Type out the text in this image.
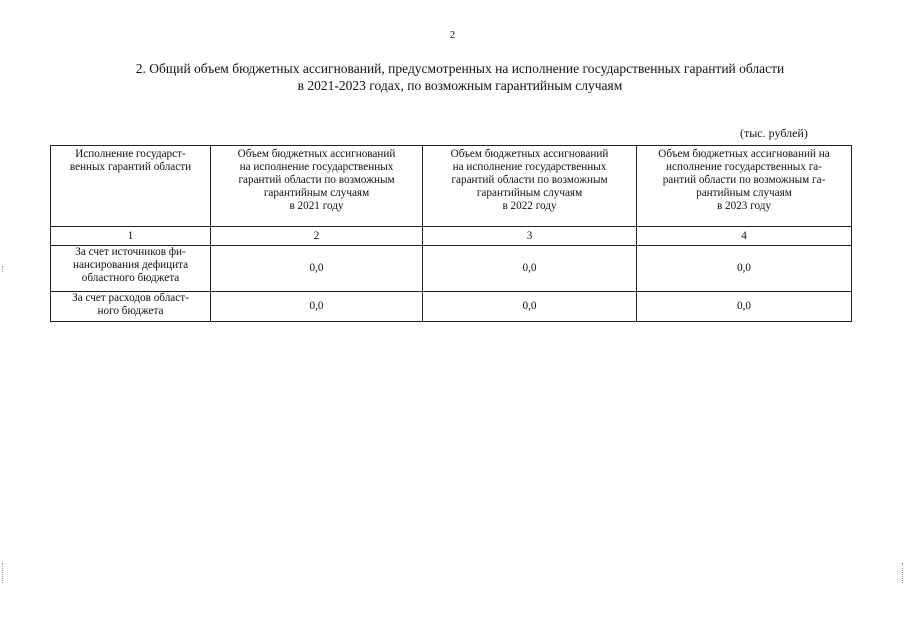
2
2. Общий объем бюджетных ассигнований, предусмотренных на исполнение государственных гарантий области
в 2021-2023 годах, по возможным гарантийным случаям
(тыс. рублей)
Исполнение государст-
венных гарантий области	Объем бюджетных ассигнований
на исполнение государственных
гарантий области по возможным
гарантийным случаям
в 2021 году	Объем бюджетных ассигнований
на исполнение государственных
гарантий области по возможным
гарантийным случаям
в 2022 году	Объем бюджетных ассигнований на
исполнение государственных га-
рантий области по возможным га-
рантийным случаям
в 2023 году
1	2	3	4
За счет источников фи-
нансирования дефицита
областного бюджета	0,0	0,0	0,0
За счет расходов област-
ного бюджета	0,0	0,0	0,0
